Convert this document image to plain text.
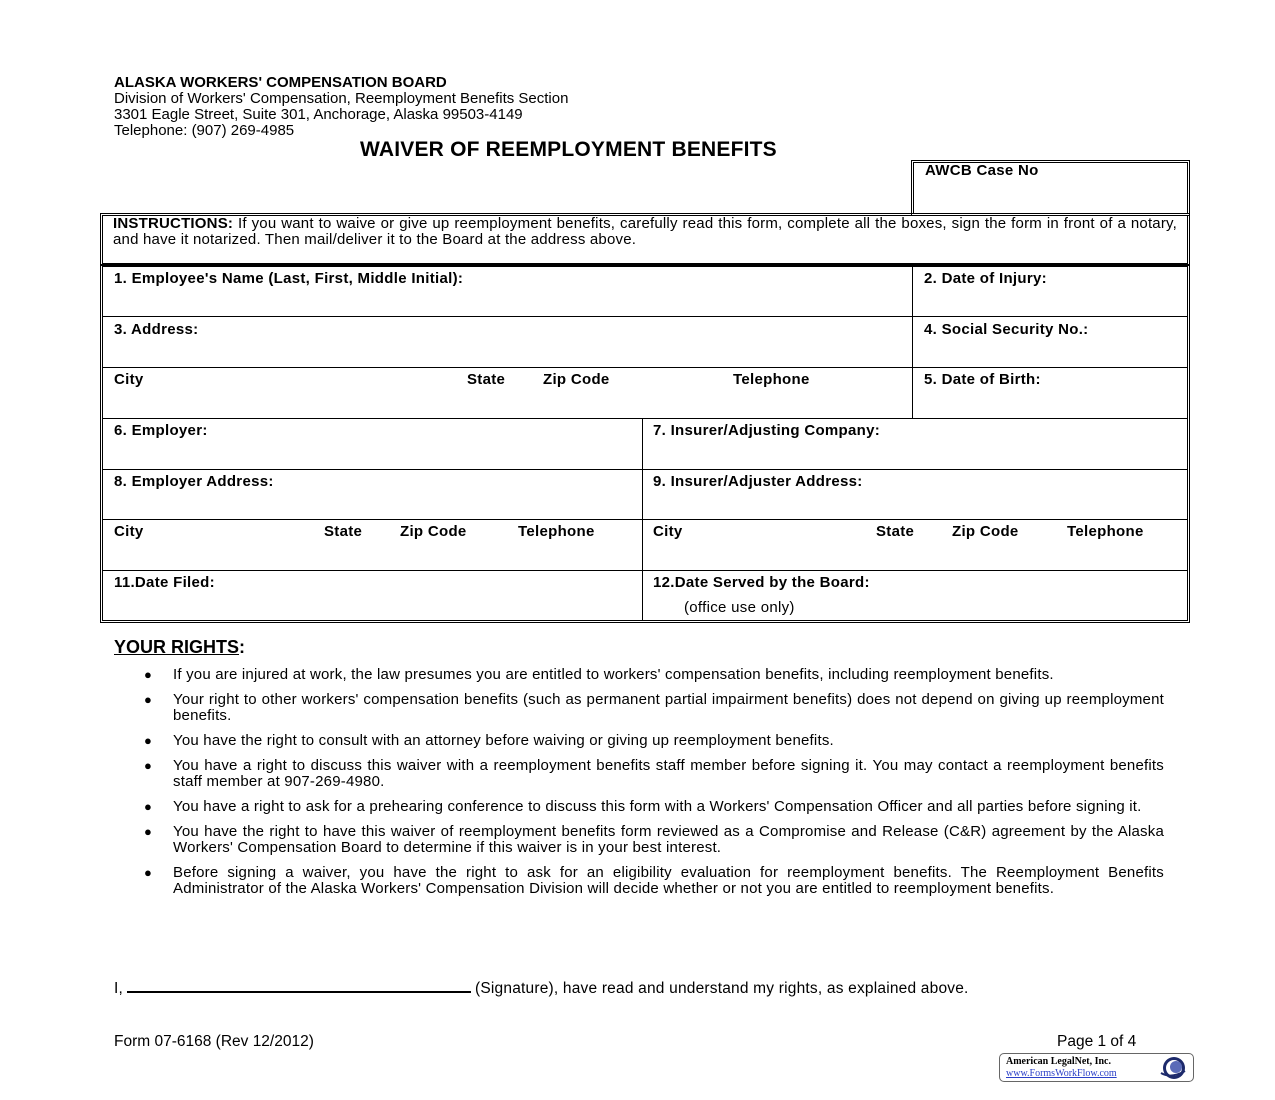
ALASKA WORKERS' COMPENSATION BOARD
Division of Workers' Compensation, Reemployment Benefits Section
3301 Eagle Street, Suite 301, Anchorage, Alaska 99503-4149
Telephone: (907) 269-4985
WAIVER OF REEMPLOYMENT BENEFITS
AWCB Case No
INSTRUCTIONS: If you want to waive or give up reemployment benefits, carefully read this form, complete all the boxes, sign the form in front of a notary, and have it notarized. Then mail/deliver it to the Board at the address above.
1. Employee's Name (Last, First, Middle Initial):	2. Date of Injury:
3. Address:	4. Social Security No.:
City	State	Zip Code	Telephone	5. Date of Birth:
6. Employer:	7. Insurer/Adjusting Company:
8. Employer Address:	9. Insurer/Adjuster Address:
City	State	Zip Code	Telephone	City	State	Zip Code	Telephone
11.Date Filed:	12.Date Served by the Board:
(office use only)
YOUR RIGHTS:
● If you are injured at work, the law presumes you are entitled to workers' compensation benefits, including reemployment benefits.
● Your right to other workers' compensation benefits (such as permanent partial impairment benefits) does not depend on giving up reemployment benefits.
● You have the right to consult with an attorney before waiving or giving up reemployment benefits.
● You have a right to discuss this waiver with a reemployment benefits staff member before signing it. You may contact a reemployment benefits staff member at 907-269-4980.
● You have a right to ask for a prehearing conference to discuss this form with a Workers' Compensation Officer and all parties before signing it.
● You have the right to have this waiver of reemployment benefits form reviewed as a Compromise and Release (C&R) agreement by the Alaska Workers' Compensation Board to determine if this waiver is in your best interest.
● Before signing a waiver, you have the right to ask for an eligibility evaluation for reemployment benefits. The Reemployment Benefits Administrator of the Alaska Workers' Compensation Division will decide whether or not you are entitled to reemployment benefits.
I,	(Signature), have read and understand my rights, as explained above.
Form 07-6168 (Rev 12/2012)	Page 1 of 4
American LegalNet, Inc.
www.FormsWorkFlow.com
